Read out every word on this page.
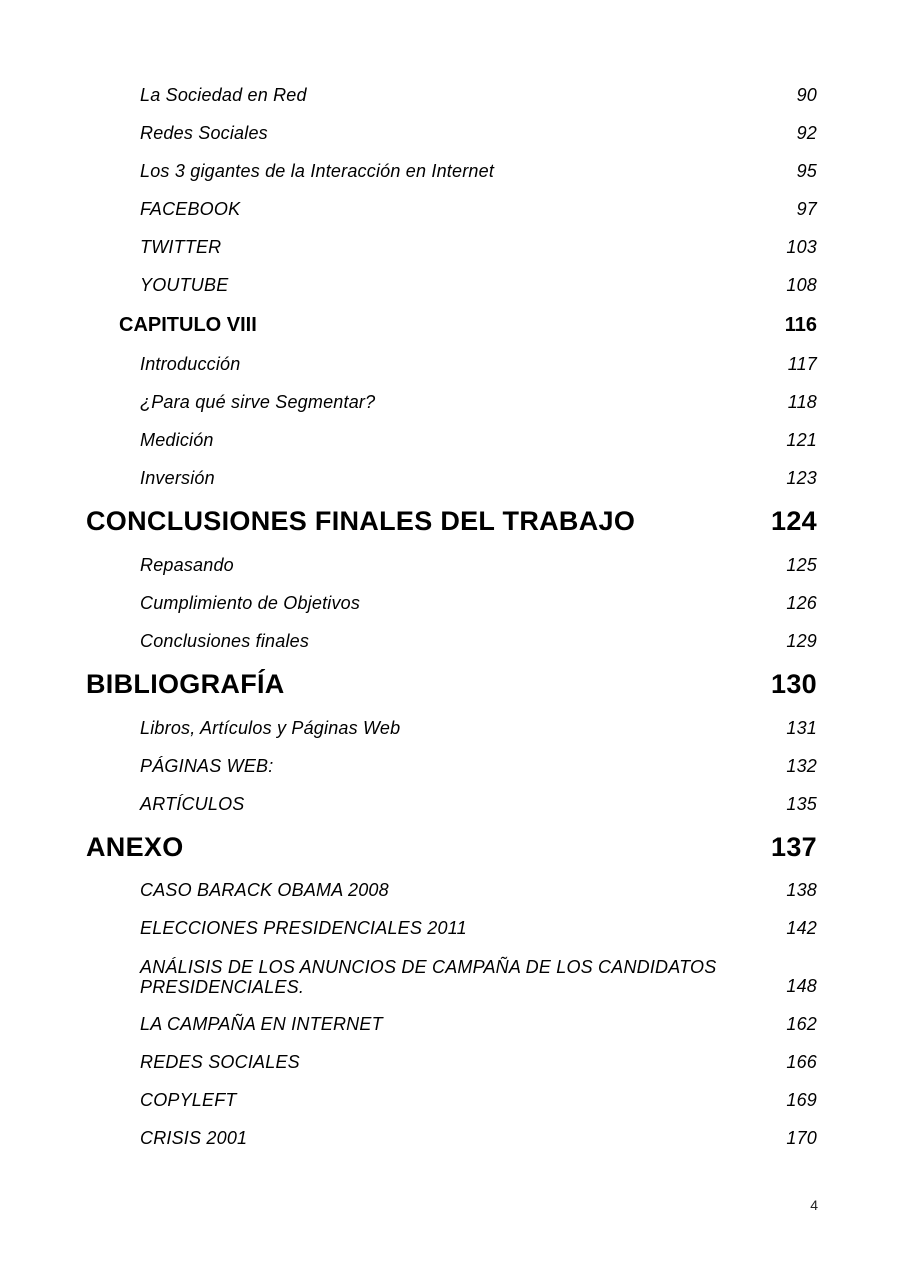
La Sociedad en Red	90
Redes Sociales	92
Los 3 gigantes de la Interacción en Internet	95
FACEBOOK	97
TWITTER	103
YOUTUBE	108
CAPITULO VIII	116
Introducción	117
¿Para qué sirve Segmentar?	118
Medición	121
Inversión	123
CONCLUSIONES FINALES DEL TRABAJO	124
Repasando	125
Cumplimiento de Objetivos	126
Conclusiones finales	129
BIBLIOGRAFÍA	130
Libros, Artículos y Páginas Web	131
PÁGINAS WEB:	132
ARTÍCULOS	135
ANEXO	137
CASO BARACK OBAMA 2008	138
ELECCIONES PRESIDENCIALES 2011	142
ANÁLISIS DE LOS ANUNCIOS DE CAMPAÑA DE LOS CANDIDATOS
PRESIDENCIALES.	148
LA CAMPAÑA EN INTERNET	162
REDES SOCIALES	166
COPYLEFT	169
CRISIS 2001	170
4
